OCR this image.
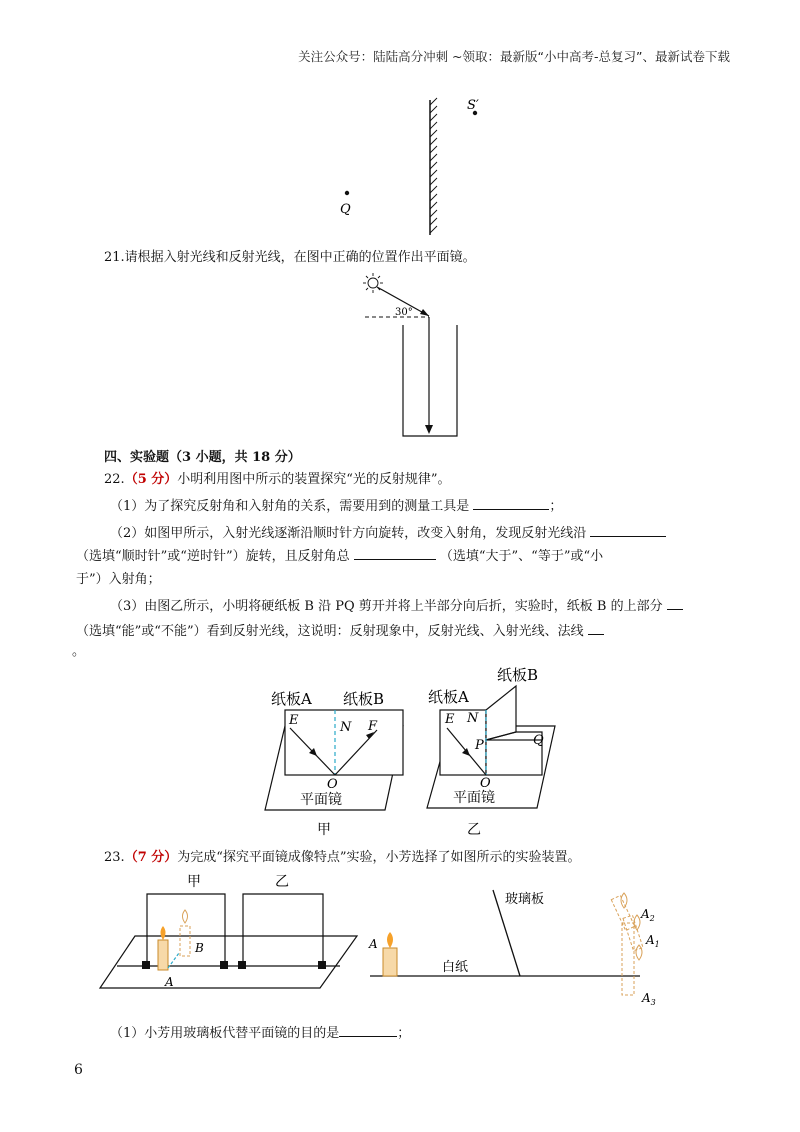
关注公众号：陆陆高分冲刺 ~领取：最新版“小中高考-总复习”、最新试卷下载
S′
Q
21.请根据入射光线和反射光线，在图中正确的位置作出平面镜。
30°
四、实验题（3 小题，共 18 分）
22.（5 分）小明利用图中所示的装置探究“光的反射规律”。
（1）为了探究反射角和入射角的关系，需要用到的测量工具是	；
（2）如图甲所示，入射光线逐渐沿顺时针方向旋转，改变入射角，发现反射光线沿
（选填“顺时针”或“逆时针”）旋转，且反射角总	（选填“大于”、“等于”或“小
于”）入射角；
（3）由图乙所示，小明将硬纸板 B 沿 PQ 剪开并将上半部分向后折，实验时，纸板 B 的上部分
（选填“能”或“不能”）看到反射光线，这说明：反射现象中，反射光线、入射光线、法线
。
纸板A 纸板B
E	N F
O
平面镜
甲
纸板A
纸板B
E N
P	Q
O
平面镜
乙
23.（7 分）为完成“探究平面镜成像特点”实验，小芳选择了如图所示的实验装置。
甲	乙
A
B
玻璃板
白纸
A
$A_2$
$A_1$
$A_3$
（1）小芳用玻璃板代替平面镜的目的是	；
6
